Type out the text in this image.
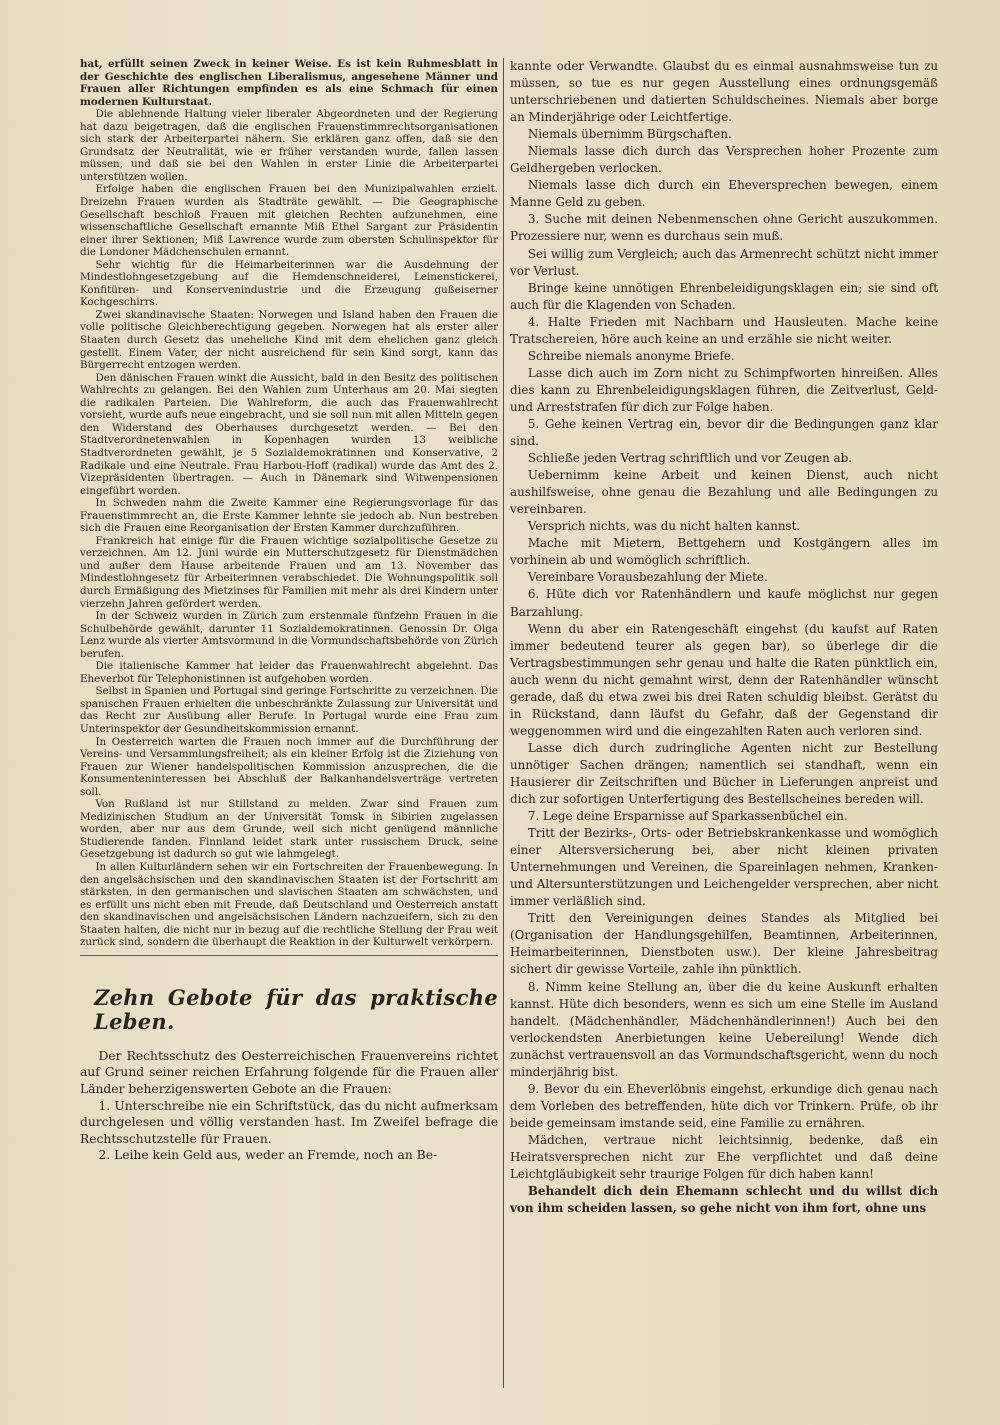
hat, erfüllt seinen Zweck in keiner Weise. Es ist kein Ruhmesblatt in der Geschichte des englischen Liberalismus, angesehene Männer und Frauen aller Richtungen empfinden es als eine Schmach für einen modernen Kulturstaat.

Die ablehnende Haltung vieler liberaler Abgeordneten und der Regierung hat dazu beigetragen, daß die englischen Frauenstimmrechtsorganisationen sich stark der Arbeiterpartei nähern. Sie erklären ganz offen, daß sie den Grundsatz der Neutralität, wie er früher verstanden wurde, fallen lassen müssen, und daß sie bei den Wahlen in erster Linie die Arbeiterpartei unterstützen wollen.

Erfolge haben die englischen Frauen bei den Munizipalwahlen erzielt. Dreizehn Frauen wurden als Stadträte gewählt. — Die Geographische Gesellschaft beschloß Frauen mit gleichen Rechten aufzunehmen, eine wissenschaftliche Gesellschaft ernannte Miß Ethel Sargant zur Präsidentin einer ihrer Sektionen; Miß Lawrence wurde zum obersten Schulinspektor für die Londoner Mädchenschulen ernannt.

Sehr wichtig für die Heimarbeiterinnen war die Ausdehnung der Mindestlohngesetzgebung auf die Hemdenschneiderei, Leinenstickerei, Konfitüren- und Konservenindustrie und die Erzeugung gußeiserner Kochgeschirrs.

Zwei skandinavische Staaten: Norwegen und Island haben den Frauen die volle politische Gleichberechtigung gegeben. Norwegen hat als erster aller Staaten durch Gesetz das uneheliche Kind mit dem ehelichen ganz gleich gestellt. Einem Vater, der nicht ausreichend für sein Kind sorgt, kann das Bürgerrecht entzogen werden.

Den dänischen Frauen winkt die Aussicht, bald in den Besitz des politischen Wahlrechts zu gelangen. Bei den Wahlen zum Unterhaus am 20. Mai siegten die radikalen Parteien. Die Wahlreform, die auch das Frauenwahlrecht vorsieht, wurde aufs neue eingebracht, und sie soll nun mit allen Mitteln gegen den Widerstand des Oberhauses durchgesetzt werden. — Bei den Stadtverordnetenwahlen in Kopenhagen wurden 13 weibliche Stadtverordneten gewählt, je 5 Sozialdemokratinnen und Konservative, 2 Radikale und eine Neutrale. Frau Harbou-Hoff (radikal) wurde das Amt des 2. Vizepräsidenten übertragen. — Auch in Dänemark sind Witwenpensionen eingeführt worden.

In Schweden nahm die Zweite Kammer eine Regierungsvorlage für das Frauenstimmrecht an, die Erste Kammer lehnte sie jedoch ab. Nun bestreben sich die Frauen eine Reorganisation der Ersten Kammer durchzuführen.

Frankreich hat einige für die Frauen wichtige sozialpolitische Gesetze zu verzeichnen. Am 12. Juni wurde ein Mutterschutzgesetz für Dienstmädchen und außer dem Hause arbeitende Frauen und am 13. November das Mindestlohngesetz für Arbeiterinnen verabschiedet. Die Wohnungspolitik soll durch Ermäßigung des Mietzinses für Familien mit mehr als drei Kindern unter vierzehn Jahren gefördert werden.

In der Schweiz wurden in Zürich zum erstenmale fünfzehn Frauen in die Schulbehörde gewählt, darunter 11 Sozialdemokratinnen. Genossin Dr. Olga Lenz wurde als vierter Amtsvormund in die Vormundschaftsbehörde von Zürich berufen.

Die italienische Kammer hat leider das Frauenwahlrecht abgelehnt. Das Eheverbot für Telephonistinnen ist aufgehoben worden.

Selbst in Spanien und Portugal sind geringe Fortschritte zu verzeichnen. Die spanischen Frauen erhielten die unbeschränkte Zulassung zur Universität und das Recht zur Ausübung aller Berufe. In Portugal wurde eine Frau zum Unterinspektor der Gesundheitskommission ernannt.

In Oesterreich warten die Frauen noch immer auf die Durchführung der Vereins- und Versammlungsfreiheit; als ein kleiner Erfolg ist die Ziziehung von Frauen zur Wiener handelspolitischen Kommission anzusprechen, die die Konsumenteninteressen bei Abschluß der Balkanhandelsverträge vertreten soll.

Von Rußland ist nur Stillstand zu melden. Zwar sind Frauen zum Medizinischen Studium an der Universität Tomsk in Sibirien zugelassen worden, aber nur aus dem Grunde, weil sich nicht genügend männliche Studierende fanden. Finnland leidet stark unter russischem Druck, seine Gesetzgebung ist dadurch so gut wie lahmgelegt.

In allen Kulturländern sehen wir ein Fortschreiten der Frauenbewegung. In den angelsächsischen und den skandinavischen Staaten ist der Fortschritt am stärksten, in den germanischen und slavischen Staaten am schwächsten, und es erfüllt uns nicht eben mit Freude, daß Deutschland und Oesterreich anstatt den skandinavischen und angelsächsischen Ländern nachzueifern, sich zu den Staaten halten, die nicht nur in bezug auf die rechtliche Stellung der Frau weit zurück sind, sondern die überhaupt die Reaktion in der Kulturwelt verkörpern.

Zehn Gebote für das praktische Leben.

Der Rechtsschutz des Oesterreichischen Frauenvereins richtet auf Grund seiner reichen Erfahrung folgende für die Frauen aller Länder beherzigenswerten Gebote an die Frauen:

1. Unterschreibe nie ein Schriftstück, das du nicht aufmerksam durchgelesen und völlig verstanden hast. Im Zweifel befrage die Rechtsschutzstelle für Frauen.

2. Leihe kein Geld aus, weder an Fremde, noch an Be-

kannte oder Verwandte. Glaubst du es einmal ausnahmsweise tun zu müssen, so tue es nur gegen Ausstellung eines ordnungsgemäß unterschriebenen und datierten Schuldscheines. Niemals aber borge an Minderjährige oder Leichtfertige.

Niemals übernimm Bürgschaften.

Niemals lasse dich durch das Versprechen hoher Prozente zum Geldhergeben verlocken.

Niemals lasse dich durch ein Eheversprechen bewegen, einem Manne Geld zu geben.

3. Suche mit deinen Nebenmenschen ohne Gericht auszukommen. Prozessiere nur, wenn es durchaus sein muß.

Sei willig zum Vergleich; auch das Armenrecht schützt nicht immer vor Verlust.

Bringe keine unnötigen Ehrenbeleidigungsklagen ein; sie sind oft auch für die Klagenden von Schaden.

4. Halte Frieden mit Nachbarn und Hausleuten. Mache keine Tratschereien, höre auch keine an und erzähle sie nicht weiter.

Schreibe niemals anonyme Briefe.

Lasse dich auch im Zorn nicht zu Schimpfworten hinreißen. Alles dies kann zu Ehrenbeleidigungsklagen führen, die Zeitverlust, Geld- und Arreststrafen für dich zur Folge haben.

5. Gehe keinen Vertrag ein, bevor dir die Bedingungen ganz klar sind.

Schließe jeden Vertrag schriftlich und vor Zeugen ab.

Uebernimm keine Arbeit und keinen Dienst, auch nicht aushilfsweise, ohne genau die Bezahlung und alle Bedingungen zu vereinbaren.

Versprich nichts, was du nicht halten kannst.

Mache mit Mietern, Bettgehern und Kostgängern alles im vorhinein ab und womöglich schriftlich.

Vereinbare Vorausbezahlung der Miete.

6. Hüte dich vor Ratenhändlern und kaufe möglichst nur gegen Barzahlung.

Wenn du aber ein Ratengeschäft eingehst (du kaufst auf Raten immer bedeutend teurer als gegen bar), so überlege dir die Vertragsbestimmungen sehr genau und halte die Raten pünktlich ein, auch wenn du nicht gemahnt wirst, denn der Ratenhändler wünscht gerade, daß du etwa zwei bis drei Raten schuldig bleibst. Gerätst du in Rückstand, dann läufst du Gefahr, daß der Gegenstand dir weggenommen wird und die eingezahlten Raten auch verloren sind.

Lasse dich durch zudringliche Agenten nicht zur Bestellung unnötiger Sachen drängen; namentlich sei standhaft, wenn ein Hausierer dir Zeitschriften und Bücher in Lieferungen anpreist und dich zur sofortigen Unterfertigung des Bestellscheines bereden will.

7. Lege deine Ersparnisse auf Sparkassenbüchel ein.

Tritt der Bezirks-, Orts- oder Betriebskrankenkasse und womöglich einer Altersversicherung bei, aber nicht kleinen privaten Unternehmungen und Vereinen, die Spareinlagen nehmen, Kranken- und Altersunterstützungen und Leichengelder versprechen, aber nicht immer verläßlich sind.

Tritt den Vereinigungen deines Standes als Mitglied bei (Organisation der Handlungsgehilfen, Beamtinnen, Arbeiterinnen, Heimarbeiterinnen, Dienstboten usw.). Der kleine Jahresbeitrag sichert dir gewisse Vorteile, zahle ihn pünktlich.

8. Nimm keine Stellung an, über die du keine Auskunft erhalten kannst. Hüte dich besonders, wenn es sich um eine Stelle im Ausland handelt. (Mädchenhändler, Mädchenhändlerinnen!) Auch bei den verlockendsten Anerbietungen keine Uebereilung! Wende dich zunächst vertrauensvoll an das Vormundschaftsgericht, wenn du noch minderjährig bist.

9. Bevor du ein Eheverlöbnis eingehst, erkundige dich genau nach dem Vorleben des betreffenden, hüte dich vor Trinkern. Prüfe, ob ihr beide gemeinsam imstande seid, eine Familie zu ernähren.

Mädchen, vertraue nicht leichtsinnig, bedenke, daß ein Heiratsversprechen nicht zur Ehe verpflichtet und daß deine Leichtgläubigkeit sehr traurige Folgen für dich haben kann!

Behandelt dich dein Ehemann schlecht und du willst dich von ihm scheiden lassen, so gehe nicht von ihm fort, ohne uns
